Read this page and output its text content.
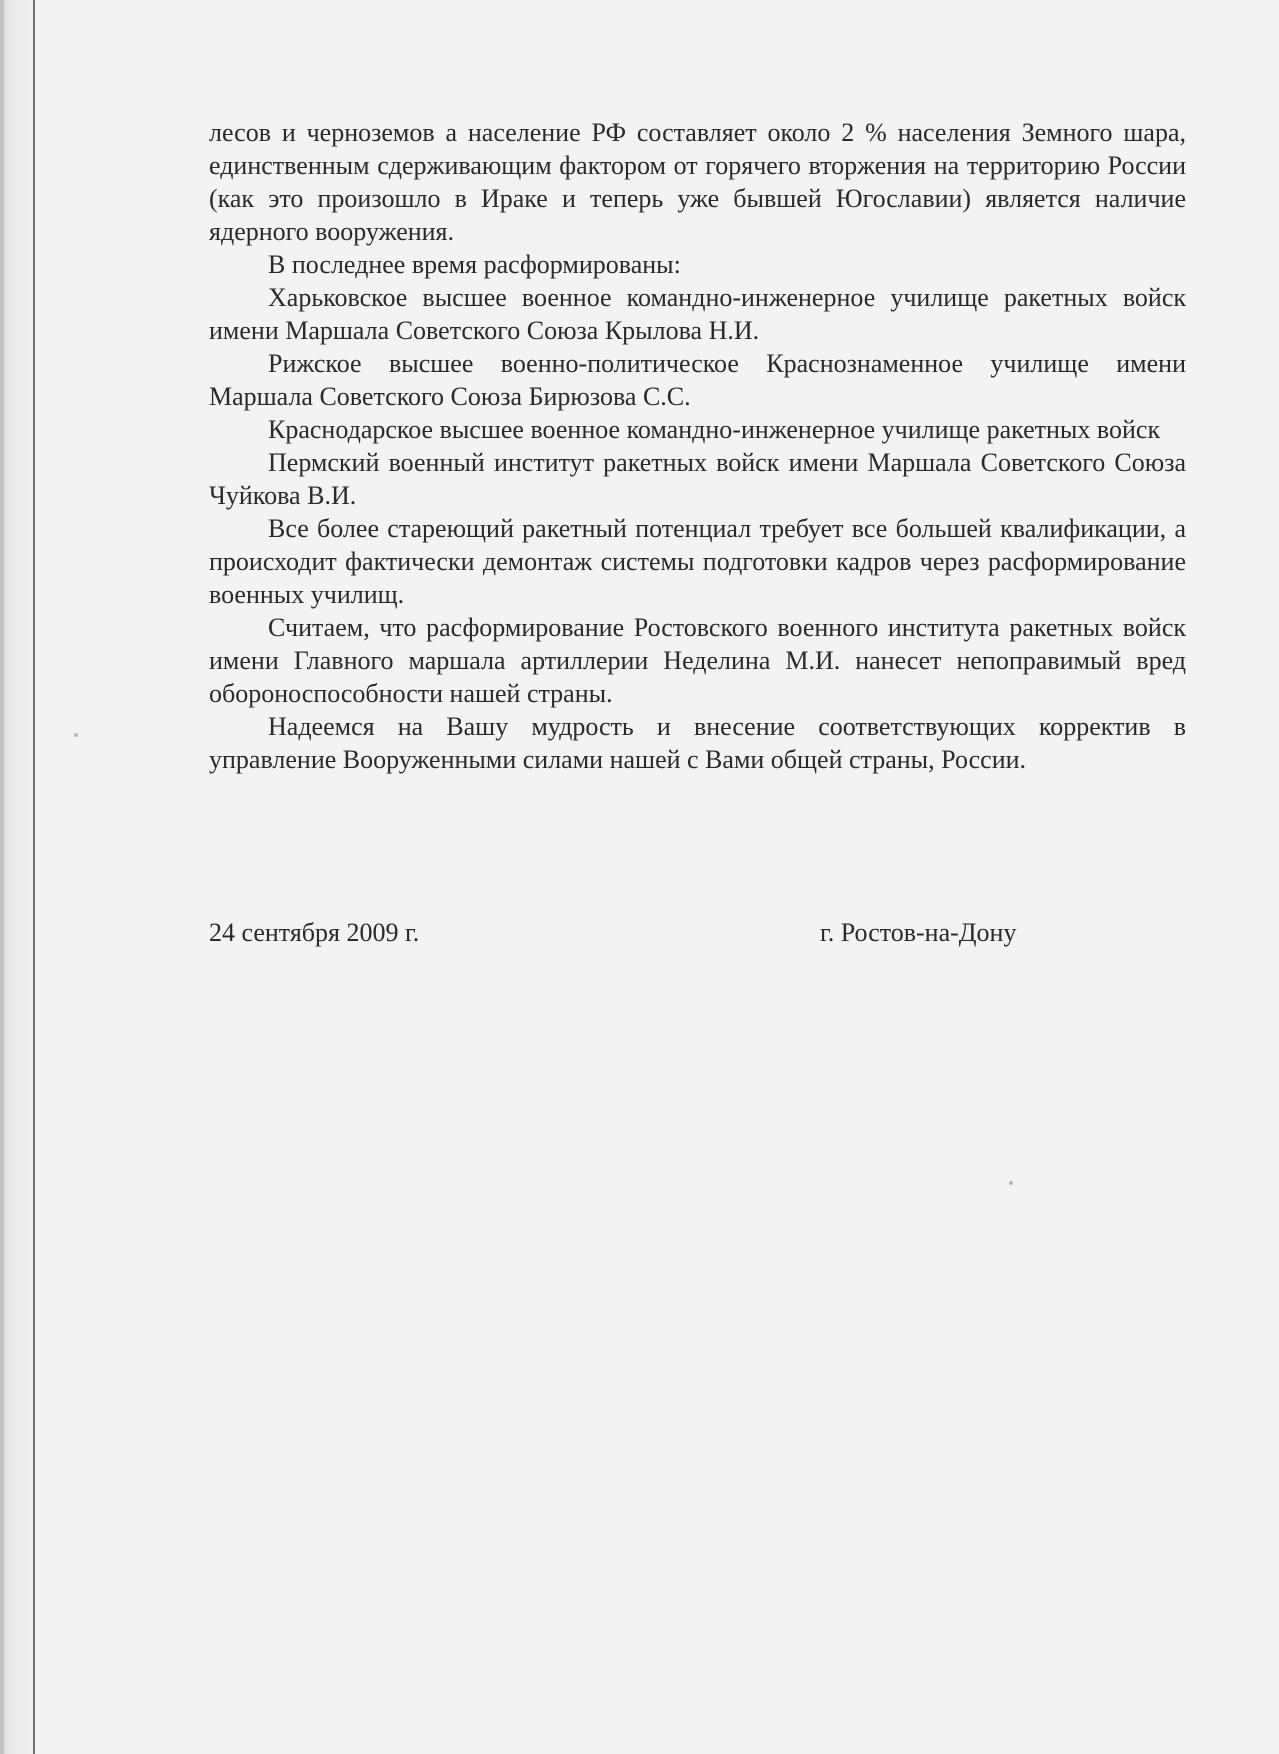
лесов и черноземов а население РФ составляет около 2 % населения Земного шара, единственным сдерживающим фактором от горячего вторжения на территорию России (как это произошло в Ираке и теперь уже бывшей Югославии) является наличие ядерного вооружения.

В последнее время расформированы:

Харьковское высшее военное командно-инженерное училище ракетных войск имени Маршала Советского Союза Крылова Н.И.

Рижское высшее военно-политическое Краснознаменное училище имени Маршала Советского Союза Бирюзова С.С.

Краснодарское высшее военное командно-инженерное училище ракетных войск

Пермский военный институт ракетных войск имени Маршала Советского Союза Чуйкова В.И.

Все более стареющий ракетный потенциал требует все большей квалификации, а происходит фактически демонтаж системы подготовки кадров через расформирование военных училищ.

Считаем, что расформирование Ростовского военного института ракетных войск имени Главного маршала артиллерии Неделина М.И. нанесет непоправимый вред обороноспособности нашей страны.

Надеемся на Вашу мудрость и внесение соответствующих корректив в управление Вооруженными силами нашей с Вами общей страны, России.

24 сентября 2009 г.	г. Ростов-на-Дону
